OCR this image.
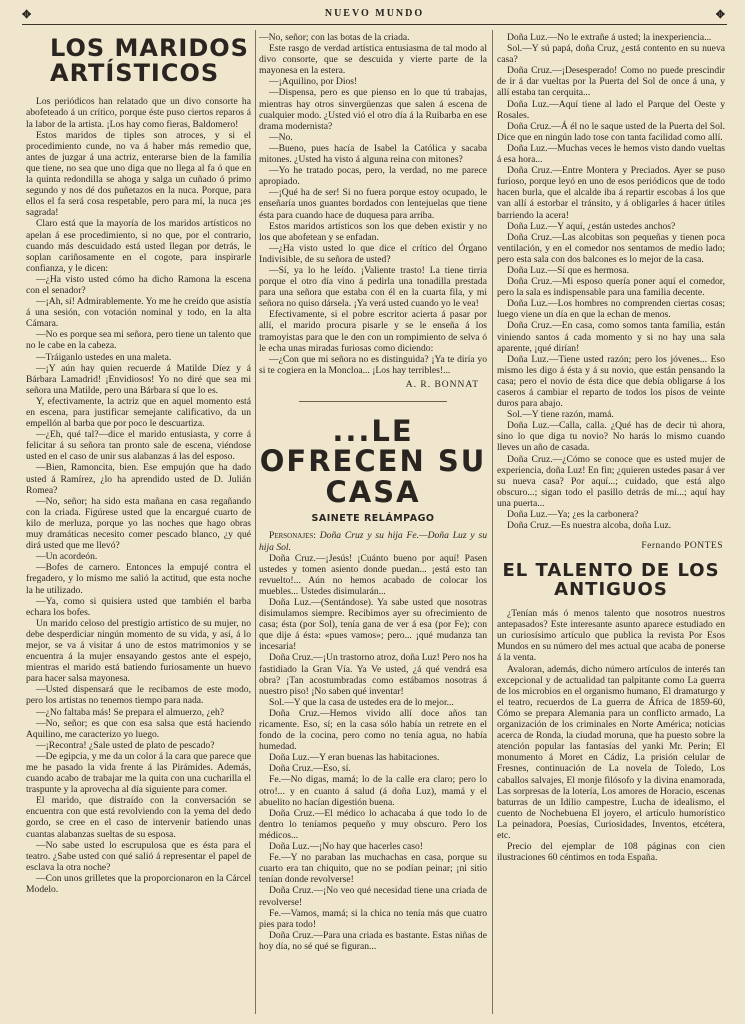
✥	NUEVO MUNDO	✥
LOS MARIDOS ARTÍSTICOS

Los periódicos han relatado que un divo consorte ha abofeteado á un crítico, porque éste puso ciertos reparos á la labor de la artista. ¡Los hay como fieras, Baldomero!

Estos maridos de tiples son atroces, y si el procedimiento cunde, no va á haber más remedio que, antes de juzgar á una actriz, enterarse bien de la familia que tiene, no sea que uno diga que no llega al fa ó que en la quinta redondilla se ahoga y salga un cuñado ó primo segundo y nos dé dos puñetazos en la nuca. Porque, para ellos el fa será cosa respetable, pero para mí, la nuca ¡es sagrada!

Claro está que la mayoría de los maridos artísticos no apelan á ese procedimiento, si no que, por el contrario, cuando más descuidado está usted llegan por detrás, le soplan cariñosamente en el cogote, para inspirarle confianza, y le dicen:

—¿Ha visto usted cómo ha dicho Ramona la escena con el senador?

—¡Ah, sí! Admirablemente. Yo me he creído que asistía á una sesión, con votación nominal y todo, en la alta Cámara.

—No es porque sea mi señora, pero tiene un talento que no le cabe en la cabeza.

—Tráiganlo ustedes en una maleta.

—¡Y aún hay quien recuerde á Matilde Díez y á Bárbara Lamadrid! ¡Envidiosos! Yo no diré que sea mi señora una Matilde, pero una Bárbara sí que lo es.

Y, efectivamente, la actriz que en aquel momento está en escena, para justificar semejante calificativo, da un empellón al barba que por poco le descuartiza.

—¿Eh, qué tal?—dice el marido entusiasta, y corre á felicitar á su señora tan pronto sale de escena, viéndose usted en el caso de unir sus alabanzas á las del esposo.

—Bien, Ramoncita, bien. Ese empujón que ha dado usted á Ramírez, ¿lo ha aprendido usted de D. Julián Romea?

—No, señor; ha sido esta mañana en casa regañando con la criada. Figúrese usted que la encargué cuarto de kilo de merluza, porque yo las noches que hago obras muy dramáticas necesito comer pescado blanco, ¿y qué dirá usted que me llevó?

—Un acordeón.

—Bofes de carnero. Entonces la empujé contra el fregadero, y lo mismo me salió la actitud, que esta noche la he utilizado.

—Ya, como si quisiera usted que también el barba echara los bofes.

Un marido celoso del prestigio artístico de su mujer, no debe desperdiciar ningún momento de su vida, y así, á lo mejor, se va á visitar á uno de estos matrimonios y se encuentra á la mujer ensayando gestos ante el espejo, mientras el marido está batiendo furiosamente un huevo para hacer salsa mayonesa.

—Usted dispensará que le recibamos de este modo, pero los artistas no tenemos tiempo para nada.

—¿No faltaba más! Se prepara el almuerzo, ¿eh?

—No, señor; es que con esa salsa que está haciendo Aquilino, me caracterizo yo luego.

—¡Recontra! ¿Sale usted de plato de pescado?

—De egipcia, y me da un color á la cara que parece que me he pasado la vida frente á las Pirámides. Además, cuando acabo de trabajar me la quita con una cucharilla el traspunte y la aprovecha al día siguiente para comer.

El marido, que distraído con la conversación se encuentra con que está revolviendo con la yema del dedo gordo, se cree en el caso de intervenir batiendo unas cuantas alabanzas sueltas de su esposa.

—No sabe usted lo escrupulosa que es ésta para el teatro. ¿Sabe usted con qué salió á representar el papel de esclava la otra noche?

—Con unos grilletes que la proporcionaron en la Cárcel Modelo.

—No, señor; con las botas de la criada.

Este rasgo de verdad artística entusiasma de tal modo al divo consorte, que se descuida y vierte parte de la mayonesa en la estera.

—¡Aquilino, por Dios!

—Dispensa, pero es que pienso en lo que tú trabajas, mientras hay otros sinvergüenzas que salen á escena de cualquier modo. ¿Usted vió el otro día á la Ruibarba en ese drama modernista?

—No.

—Bueno, pues hacía de Isabel la Católica y sacaba mitones. ¿Usted ha visto á alguna reina con mitones?

—Yo he tratado pocas, pero, la verdad, no me parece apropiado.

—¡Qué ha de ser! Si no fuera porque estoy ocupado, le enseñaría unos guantes bordados con lentejuelas que tiene ésta para cuando hace de duquesa para arriba.

Estos maridos artísticos son los que deben existir y no los que abofetean y se enfadan.

—¿Ha visto usted lo que dice el crítico del Órgano Indivisible, de su señora de usted?

—Sí, ya lo he leído. ¡Valiente trasto! La tiene tirria porque el otro día vino á pedirla una tonadilla prestada para una señora que estaba con él en la cuarta fila, y mi señora no quiso dársela. ¡Ya verá usted cuando yo le vea!

Efectivamente, si el pobre escritor acierta á pasar por allí, el marido procura pisarle y se le enseña á los tramoyistas para que le den con un rompimiento de selva ó le echa unas miradas furiosas como diciendo:

—¿Con que mi señora no es distinguida? ¡Ya te diría yo si te cogiera en la Moncloa... ¡Los hay terribles!...

A. R. BONNAT
...LE OFRECEN SU CASA
SAINETE RELÁMPAGO

Personajes: Doña Cruz y su hija Fe.—Doña Luz y su hija Sol.

Doña Cruz.—¡Jesús! ¡Cuánto bueno por aquí! Pasen ustedes y tomen asiento donde puedan... ¡está esto tan revuelto!... Aún no hemos acabado de colocar los muebles... Ustedes disimularán...

Doña Luz.—(Sentándose). Ya sabe usted que nosotras disimulamos siempre. Recibimos ayer su ofrecimiento de casa; ésta (por Sol), tenía gana de ver á esa (por Fe); con que dije á ésta: «pues vamos»; pero... ¡qué mudanza tan incesaria!

Doña Cruz.—¡Un trastorno atroz, doña Luz! Pero nos ha fastidiado la Gran Vía. Ya Ve usted, ¿á qué vendrá esa obra? ¡Tan acostumbradas como estábamos nosotras á nuestro piso! ¡No saben qué inventar!

Sol.—Y que la casa de ustedes era de lo mejor...

Doña Cruz.—Hemos vivido allí doce años tan ricamente. Eso, sí; en la casa sólo había un retrete en el fondo de la cocina, pero como no tenía agua, no había humedad.

Doña Luz.—Y eran buenas las habitaciones.

Doña Cruz.—Eso, sí.

Fe.—No digas, mamá; lo de la calle era claro; pero lo otro!... y en cuanto á salud (á doña Luz), mamá y el abuelito no hacían digestión buena.

Doña Cruz.—El médico lo achacaba á que todo lo de dentro lo teníamos pequeño y muy obscuro. Pero los médicos...

Doña Luz.—¡No hay que hacerles caso!

Fe.—Y no paraban las muchachas en casa, porque su cuarto era tan chiquito, que no se podían peinar; ¡ni sitio tenían donde revolverse!

Doña Cruz.—¡No veo qué necesidad tiene una criada de revolverse!

Fe.—Vamos, mamá; si la chica no tenía más que cuatro pies para todo!

Doña Cruz.—Para una criada es bastante. Estas niñas de hoy día, no sé qué se figuran...

Doña Luz.—No le extrañe á usted; la inexperiencia...

Sol.—Y sú papá, doña Cruz, ¿está contento en su nueva casa?

Doña Cruz.—¡Desesperado! Como no puede prescindir de ir á dar vueltas por la Puerta del Sol de once á una, y allí estaba tan cerquita...

Doña Luz.—Aquí tiene al lado el Parque del Oeste y Rosales.

Doña Cruz.—Á él no le saque usted de la Puerta del Sol. Dice que en ningún lado tose con tanta facilidad como allí.

Doña Luz.—Muchas veces le hemos visto dando vueltas á esa hora...

Doña Cruz.—Entre Montera y Preciados. Ayer se puso furioso, porque leyó en uno de esos periódicos que de todo hacen burla, que el alcalde iba á repartir escobas á los que van allí á estorbar el tránsito, y á obligarles á hacer útiles barriendo la acera!

Doña Luz.—Y aquí, ¿están ustedes anchos?

Doña Cruz.—Las alcobitas son pequeñas y tienen poca ventilación, y en el comedor nos sentamos de medio lado; pero esta sala con dos balcones es lo mejor de la casa.

Doña Luz.—Sí que es hermosa.

Doña Cruz.—Mi esposo quería poner aquí el comedor, pero la sala es indispensable para una familia decente.

Doña Luz.—Los hombres no comprenden ciertas cosas; luego viene un día en que la echan de menos.

Doña Cruz.—En casa, como somos tanta familia, están viniendo santos á cada momento y si no hay una sala aparente, ¡qué dirían!

Doña Luz.—Tiene usted razón; pero los jóvenes... Eso mismo les digo á ésta y á su novio, que están pensando la casa; pero el novio de ésta dice que debía obligarse á los caseros á cambiar el reparto de todos los pisos de veinte duros para abajo.

Sol.—Y tiene razón, mamá.

Doña Luz.—Calla, calla. ¿Qué has de decir tú ahora, sino lo que diga tu novio? No harás lo mismo cuando lleves un año de casada.

Doña Cruz.—¿Cómo se conoce que es usted mujer de experiencia, doña Luz! En fin; ¿quieren ustedes pasar á ver su nueva casa? Por aquí...; cuidado, que está algo obscuro...; sigan todo el pasillo detrás de mí...; aquí hay una puerta...

Doña Luz.—Ya; ¿es la carbonera?

Doña Cruz.—Es nuestra alcoba, doña Luz.

Fernando PONTES
EL TALENTO DE LOS ANTIGUOS

¿Tenían más ó menos talento que nosotros nuestros antepasados? Este interesante asunto aparece estudiado en un curiosísimo artículo que publica la revista Por Esos Mundos en su número del mes actual que acaba de ponerse á la venta.

Avaloran, además, dicho número artículos de interés tan excepcional y de actualidad tan palpitante como La guerra de los microbios en el organismo humano, El dramaturgo y el teatro, recuerdos de La guerra de África de 1859-60, Cómo se prepara Alemania para un conflicto armado, La organización de los criminales en Norte América; noticias acerca de Ronda, la ciudad moruna, que ha puesto sobre la atención popular las fantasías del yanki Mr. Perin; El monumento á Moret en Cádiz, La prisión celular de Fresnes, continuación de La novela de Toledo, Los caballos salvajes, El monje filósofo y la divina enamorada, Las sorpresas de la lotería, Los amores de Horacio, escenas baturras de un Idilio campestre, Lucha de idealismo, el cuento de Nochebuena El joyero, el artículo humorístico La peinadora, Poesías, Curiosidades, Inventos, etcétera, etc.

Precio del ejemplar de 108 páginas con cien ilustraciones 60 céntimos en toda España.
